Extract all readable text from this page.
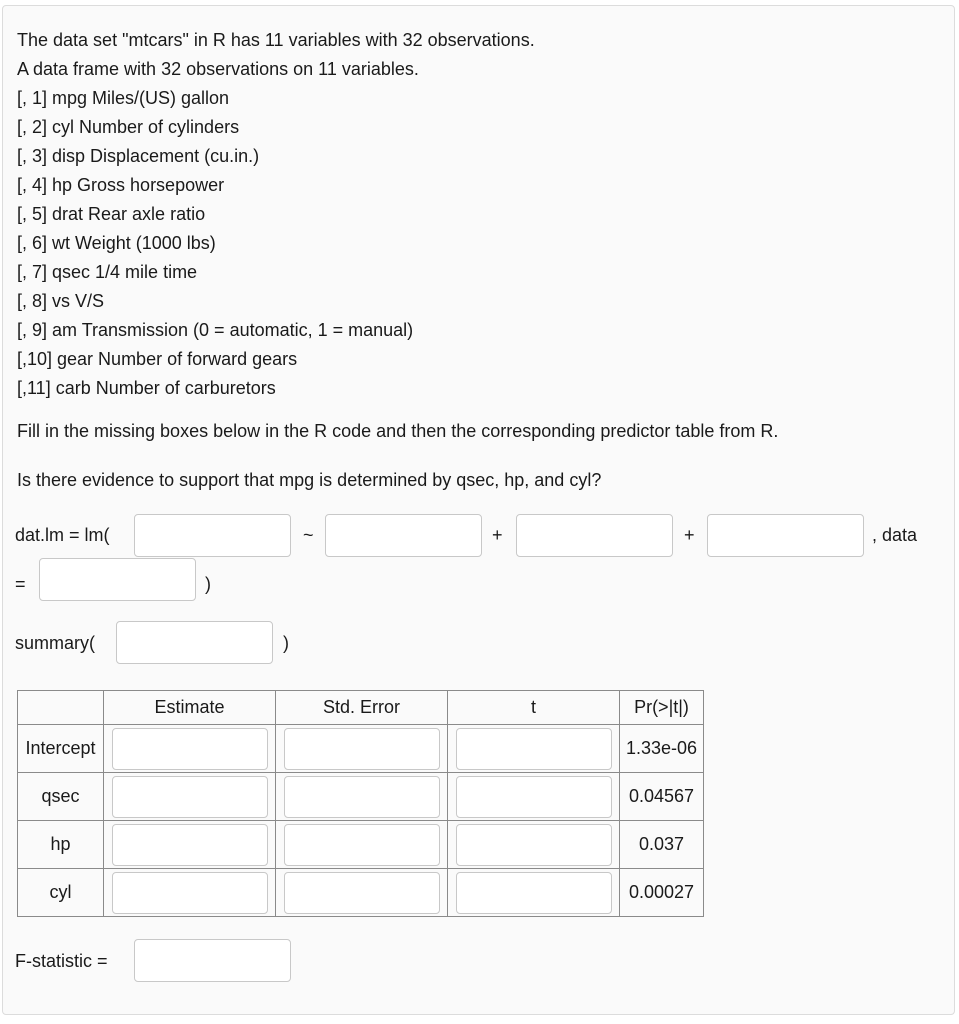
The data set "mtcars" in R has 11 variables with 32 observations.
A data frame with 32 observations on 11 variables.
[, 1] mpg Miles/(US) gallon
[, 2] cyl Number of cylinders
[, 3] disp Displacement (cu.in.)
[, 4] hp Gross horsepower
[, 5] drat Rear axle ratio
[, 6] wt Weight (1000 lbs)
[, 7] qsec 1/4 mile time
[, 8] vs V/S
[, 9] am Transmission (0 = automatic, 1 = manual)
[,10] gear Number of forward gears
[,11] carb Number of carburetors
Fill in the missing boxes below in the R code and then the corresponding predictor table from R.
Is there evidence to support that mpg is determined by qsec, hp, and cyl?
dat.lm = lm(	~	+	+	, data
=	)
summary(	)
	Estimate	Std. Error	t	Pr(>|t|)
Intercept				1.33e-06
qsec				0.04567
hp				0.037
cyl				0.00027
F-statistic =
